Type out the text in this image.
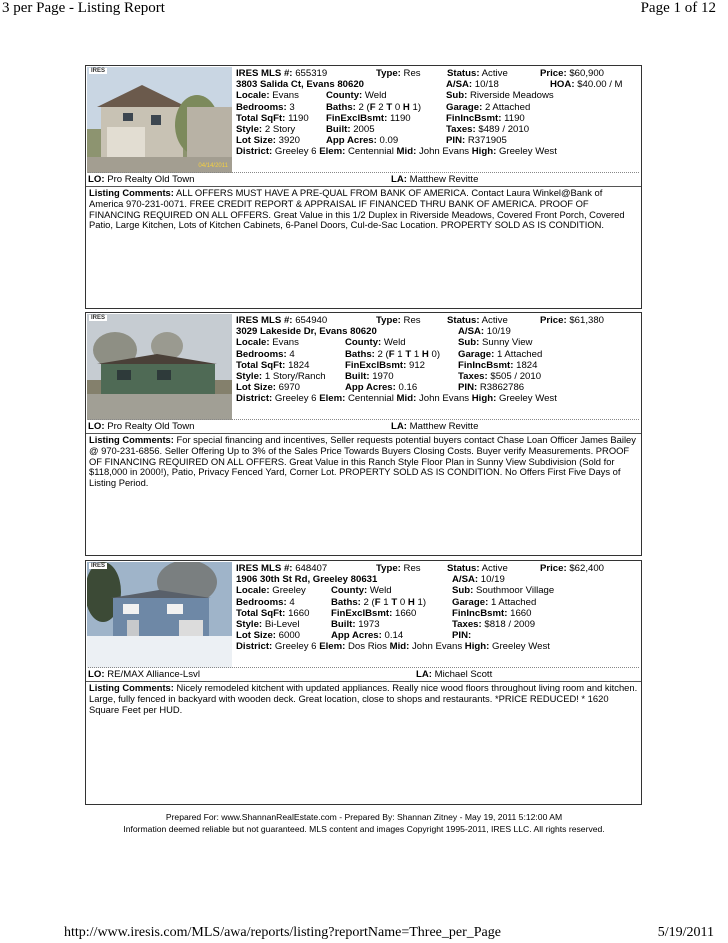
3 per Page - Listing Report	Page 1 of 12
IRES
04/14/2011
IRES MLS #: 655319	Type: Res	Status: Active	Price: $60,900
3803 Salida Ct, Evans 80620	A/SA: 10/18	HOA: $40.00 / M
Locale: Evans	County: Weld	Sub: Riverside Meadows
Bedrooms: 3	Baths: 2 (F 2 T 0 H 1)	Garage: 2 Attached
Total SqFt: 1190 FinExclBsmt: 1190	FinIncBsmt: 1190
Style: 2 Story	Built: 2005	Taxes: $489 / 2010
Lot Size: 3920	App Acres: 0.09	PIN: R371905
District: Greeley 6 Elem: Centennial Mid: John Evans High: Greeley West
LO: Pro Realty Old Town	LA: Matthew Revitte
Listing Comments: ALL OFFERS MUST HAVE A PRE-QUAL FROM BANK OF AMERICA. Contact Laura Winkel@Bank of America 970-231-0071. FREE CREDIT REPORT & APPRAISAL IF FINANCED THRU BANK OF AMERICA. PROOF OF FINANCING REQUIRED ON ALL OFFERS. Great Value in this 1/2 Duplex in Riverside Meadows, Covered Front Porch, Covered Patio, Large Kitchen, Lots of Kitchen Cabinets, 6-Panel Doors, Cul-de-Sac Location. PROPERTY SOLD AS IS CONDITION.
IRES	IRES MLS #: 654940	Type: Res	Status: Active	Price: $61,380
3029 Lakeside Dr, Evans 80620	A/SA: 10/19
Locale: Evans	County: Weld	Sub: Sunny View
Bedrooms: 4	Baths: 2 (F 1 T 1 H 0) Garage: 1 Attached
Total SqFt: 1824	FinExclBsmt: 912	FinIncBsmt: 1824
Style: 1 Story/Ranch Built: 1970	Taxes: $505 / 2010
Lot Size: 6970	App Acres: 0.16	PIN: R3862786
District: Greeley 6 Elem: Centennial Mid: John Evans High: Greeley West
LO: Pro Realty Old Town	LA: Matthew Revitte
Listing Comments: For special financing and incentives, Seller requests potential buyers contact Chase Loan Officer James Bailey @ 970-231-6856. Seller Offering Up to 3% of the Sales Price Towards Buyers Closing Costs. Buyer verify Measurements. PROOF OF FINANCING REQUIRED ON ALL OFFERS. Great Value in this Ranch Style Floor Plan in Sunny View Subdivision (Sold for $118,000 in 2000!), Patio, Privacy Fenced Yard, Corner Lot. PROPERTY SOLD AS IS CONDITION. No Offers First Five Days of Listing Period.
IRES	IRES MLS #: 648407	Type: Res	Status: Active	Price: $62,400
1906 30th St Rd, Greeley 80631	A/SA: 10/19
Locale: Greeley	County: Weld	Sub: Southmoor Village
Bedrooms: 4	Baths: 2 (F 1 T 0 H 1)	Garage: 1 Attached
Total SqFt: 1660 FinExclBsmt: 1660	FinIncBsmt: 1660
Style: Bi-Level	Built: 1973	Taxes: $818 / 2009
Lot Size: 6000	App Acres: 0.14	PIN:
District: Greeley 6 Elem: Dos Rios Mid: John Evans High: Greeley West
LO: RE/MAX Alliance-Lsvl	LA: Michael Scott
Listing Comments: Nicely remodeled kitchent with updated appliances. Really nice wood floors throughout living room and kitchen. Large, fully fenced in backyard with wooden deck. Great location, close to shops and restaurants. *PRICE REDUCED! * 1620 Square Feet per HUD.
Prepared For: www.ShannanRealEstate.com - Prepared By: Shannan Zitney - May 19, 2011 5:12:00 AM
Information deemed reliable but not guaranteed. MLS content and images Copyright 1995-2011, IRES LLC. All rights reserved.
http://www.iresis.com/MLS/awa/reports/listing?reportName=Three_per_Page	5/19/2011
